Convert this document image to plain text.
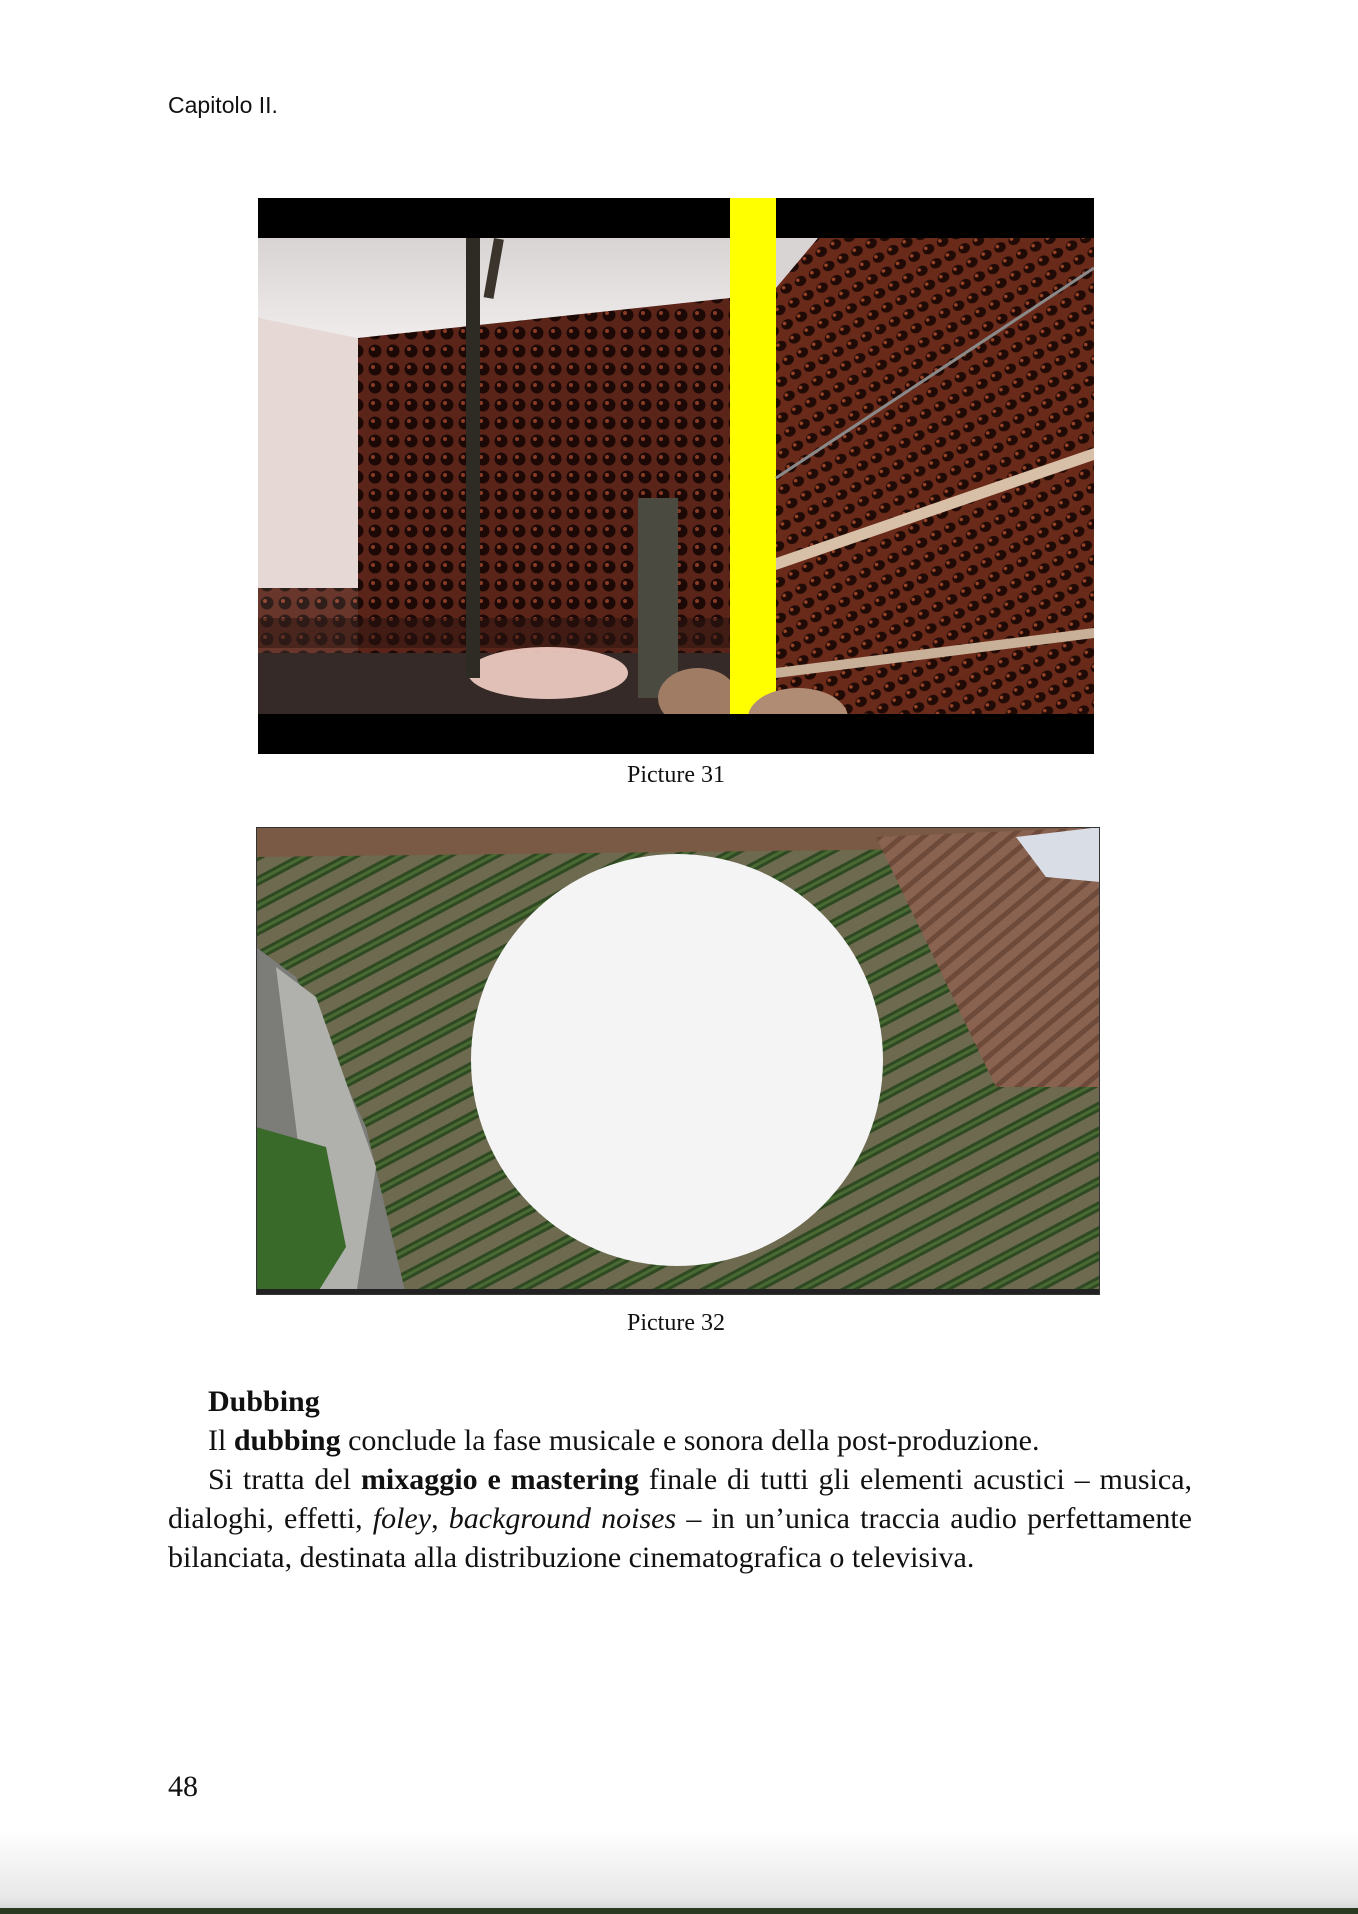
Capitolo II.
Picture 31
Picture 32

Dubbing

Il dubbing conclude la fase musicale e sonora della post-produzione.

Si tratta del mixaggio e mastering finale di tutti gli elementi acustici – musica, dialoghi, effetti, foley, background noises – in un’unica traccia audio perfettamente bilanciata, destinata alla distribuzione cinematografica o televisiva.

48
